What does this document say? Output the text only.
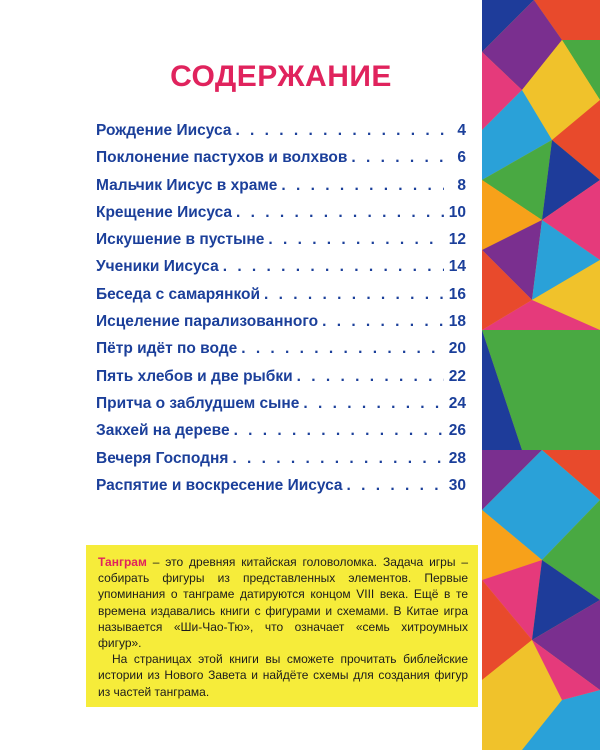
СОДЕРЖАНИЕ
Рождение Иисуса . . .	4
Поклонение пастухов и волхвов . . .	6
Мальчик Иисус в храме . . .	8
Крещение Иисуса . . .	10
Искушение в пустыне . . .	12
Ученики Иисуса . . .	14
Беседа с самарянкой . . .	16
Исцеление парализованного . . .	18
Пётр идёт по воде . . .	20
Пять хлебов и две рыбки . . .	22
Притча о заблудшем сыне . . .	24
Закхей на дереве . . .	26
Вечеря Господня . . .	28
Распятие и воскресение Иисуса . . .	30

Танграм – это древняя китайская головоломка. Задача игры – собирать фигуры из представленных элементов. Первые упоминания о танграме датируются концом VIII века. Ещё в те времена издавались книги с фигурами и схемами. В Китае игра называется «Ши-Чао-Тю», что означает «семь хитроумных фигур».

На страницах этой книги вы сможете прочитать библейские истории из Нового Завета и найдёте схемы для создания фигур из частей танграма.
